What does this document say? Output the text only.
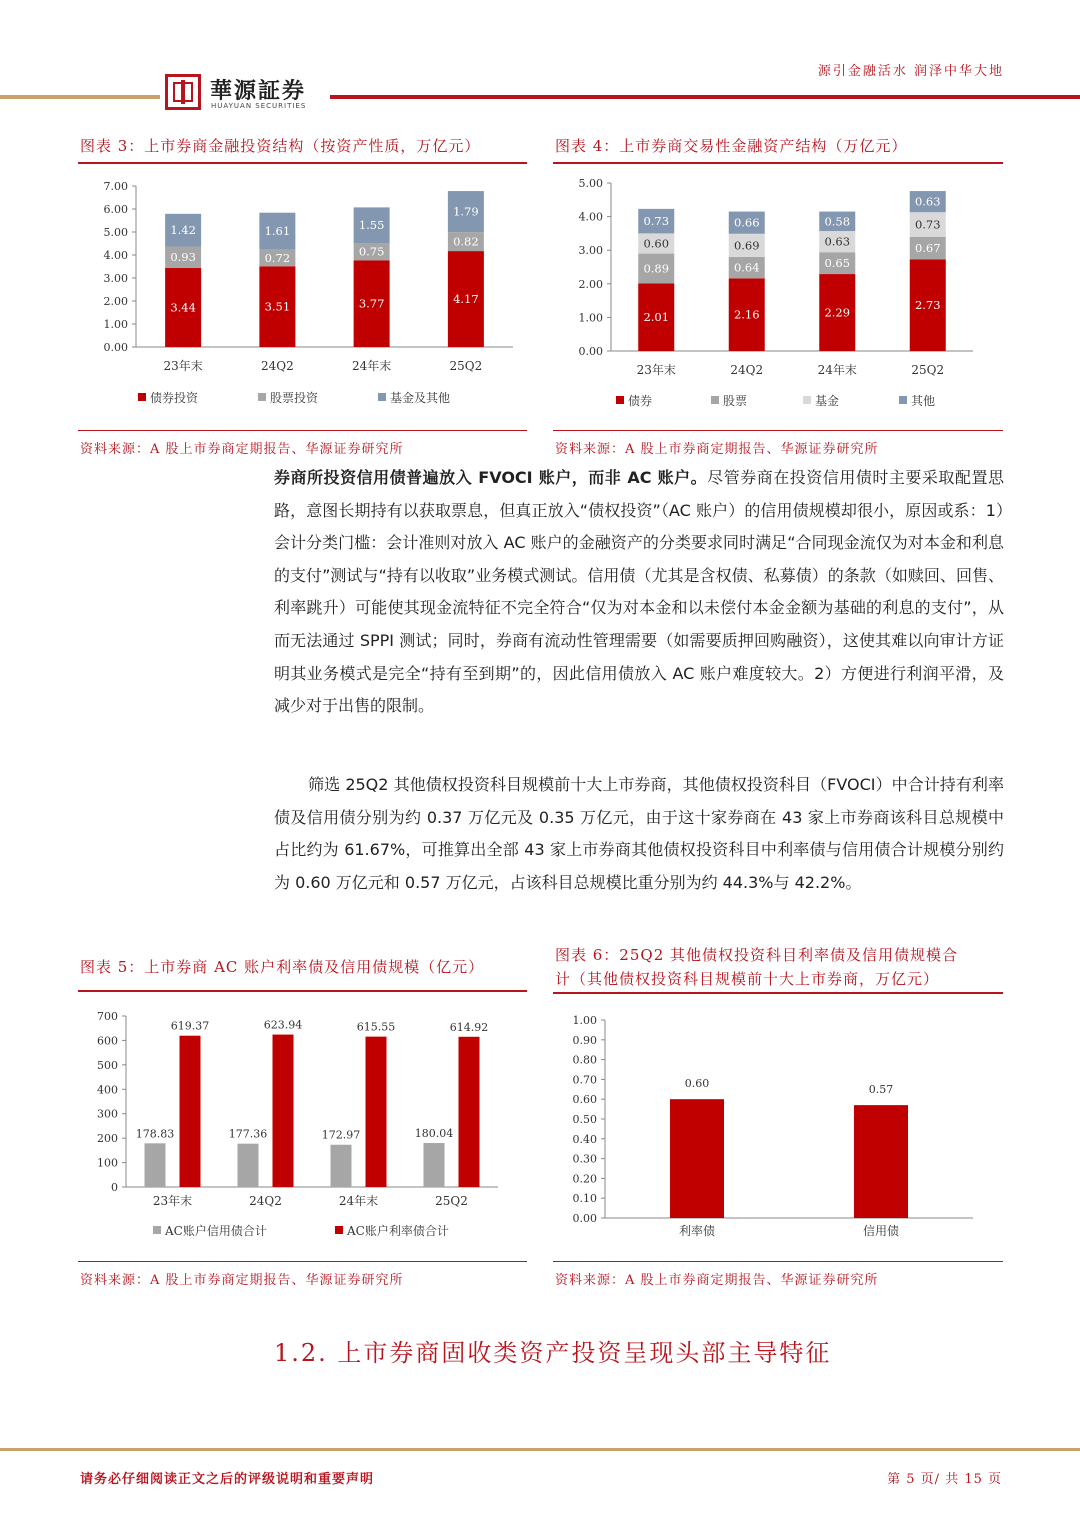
華源証券
HUAYUAN SECURITIES
源引金融活水 润泽中华大地
图表 3：上市券商金融投资结构（按资产性质，万亿元）
0.00
1.00
2.00
3.00
4.00
5.00
6.00
7.00
23年末	24Q2	24年末	25Q2
3.44
0.93
1.42
3.51
0.72
1.61
3.77
0.75
1.55
4.17
0.82
1.79
债券投资	股票投资	基金及其他
资料来源：A 股上市券商定期报告、华源证券研究所
图表 4：上市券商交易性金融资产结构（万亿元）
0.00
1.00
2.00
3.00
4.00
5.00
23年末	24Q2	24年末	25Q2
2.01
0.89
0.60
0.73
2.16
0.64
0.69
0.66
2.29
0.65
0.63
0.58
2.73
0.67
0.73
0.63
债券	股票	基金	其他
资料来源：A 股上市券商定期报告、华源证券研究所

券商所投资信用债普遍放入 FVOCI 账户，而非 AC 账户。尽管券商在投资信用债时主要采取配置思路，意图长期持有以获取票息，但真正放入“债权投资”（AC 账户）的信用债规模却很小，原因或系：1）会计分类门槛：会计准则对放入 AC 账户的金融资产的分类要求同时满足“合同现金流仅为对本金和利息的支付”测试与“持有以收取”业务模式测试。信用债（尤其是含权债、私募债）的条款（如赎回、回售、利率跳升）可能使其现金流特征不完全符合“仅为对本金和以未偿付本金金额为基础的利息的支付”，从而无法通过 SPPI 测试；同时，券商有流动性管理需要（如需要质押回购融资），这使其难以向审计方证明其业务模式是完全“持有至到期”的，因此信用债放入 AC 账户难度较大。2）方便进行利润平滑，及减少对于出售的限制。

筛选 25Q2 其他债权投资科目规模前十大上市券商，其他债权投资科目（FVOCI）中合计持有利率债及信用债分别为约 0.37 万亿元及 0.35 万亿元，由于这十家券商在 43 家上市券商该科目总规模中占比约为 61.67%，可推算出全部 43 家上市券商其他债权投资科目中利率债与信用债合计规模分别约为 0.60 万亿元和 0.57 万亿元，占该科目总规模比重分别为约 44.3%与 42.2%。

图表 5：上市券商 AC 账户利率债及信用债规模（亿元）
0
100
200
300
400
500
600
700
23年末	24Q2	24年末	25Q2
178.83
619.37
177.36
623.94
172.97
615.55
180.04
614.92
AC账户信用债合计	AC账户利率债合计
资料来源：A 股上市券商定期报告、华源证券研究所
图表 6：25Q2 其他债权投资科目利率债及信用债规模合
计（其他债权投资科目规模前十大上市券商，万亿元）
0.00
0.10
0.20
0.30
0.40
0.50
0.60
0.70
0.80
0.90
1.00
利率债	信用债
0.60	0.57
资料来源：A 股上市券商定期报告、华源证券研究所
1.2. 上市券商固收类资产投资呈现头部主导特征
请务必仔细阅读正文之后的评级说明和重要声明	第 5 页/ 共 15 页
